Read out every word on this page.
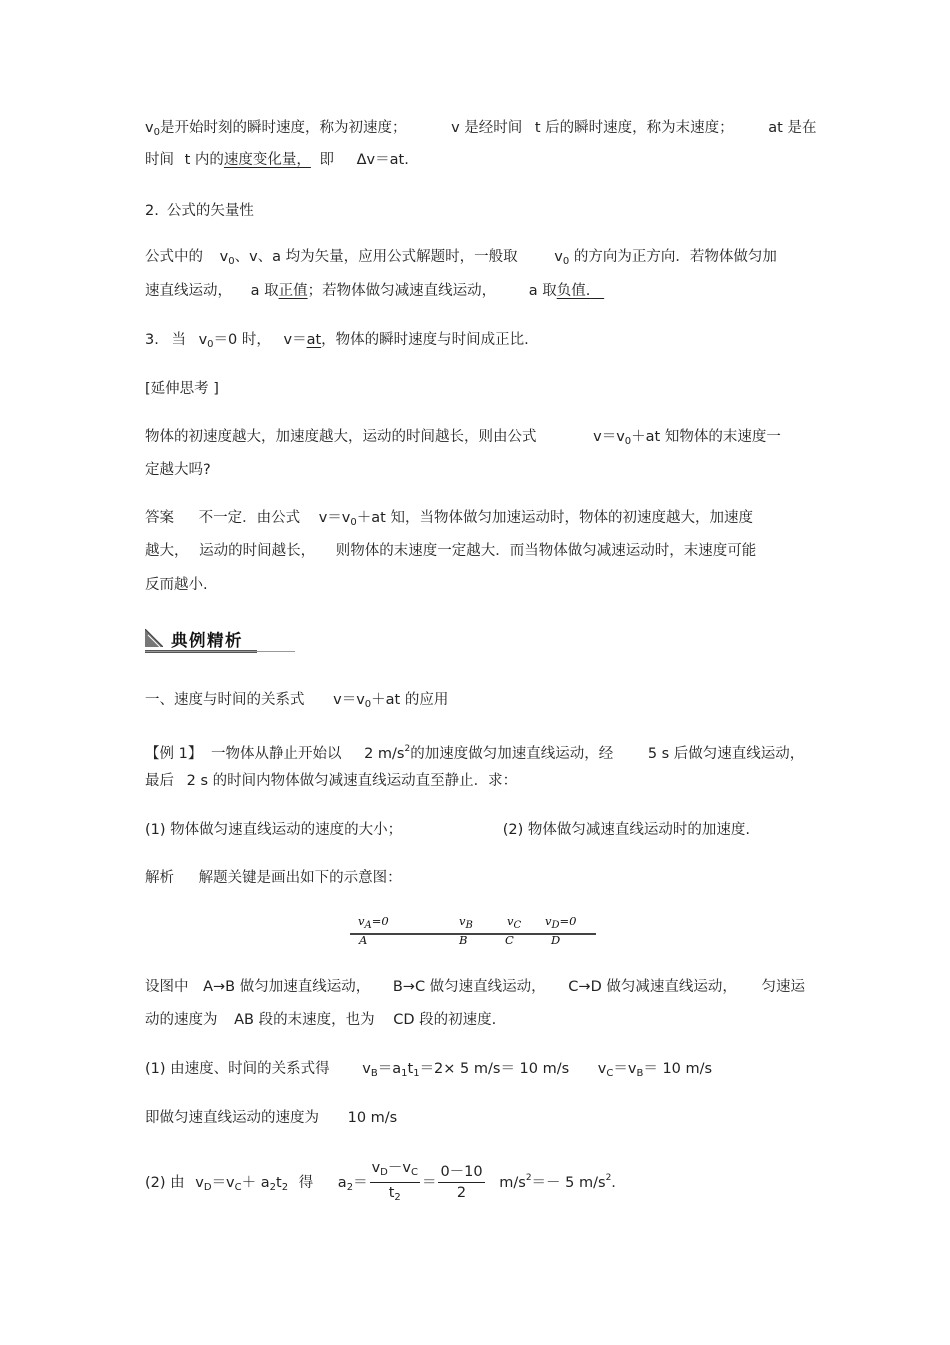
$v_0$是开始时刻的瞬时速度，称为初速度；	v 是经时间 t 后的瞬时速度，称为末速度； at 是在
时间 t 内的速度变化量， 即 Δv＝at.
2. 公式的矢量性
公式中的 $v_0$、v、a 均为矢量，应用公式解题时，一般取	$v_0$ 的方向为正方向．若物体做匀加
速直线运动， a 取正值；若物体做匀减速直线运动， a 取负值.
3. 当 $v_0=0$ 时， v＝at，物体的瞬时速度与时间成正比.
[延伸思考 ]
物体的初速度越大，加速度越大，运动的时间越长，则由公式	$v=v_0+at$ 知物体的末速度一
定越大吗?
答案 不一定．由公式 $v=v_0+at$ 知，当物体做匀加速运动时，物体的初速度越大，加速度
越大， 运动的时间越长， 则物体的末速度一定越大．而当物体做匀减速运动时，末速度可能
反而越小.
典例精析
一、速度与时间的关系式 $v=v_0+at$ 的应用
【例 1】 一物体从静止开始以 2 $m/s^2$的加速度做匀加速直线运动，经 5 s 后做匀速直线运动，
最后 2 s 的时间内物体做匀减速直线运动直至静止．求：
(1) 物体做匀速直线运动的速度的大小；	(2) 物体做匀减速直线运动时的加速度.
解析 解题关键是画出如下的示意图：
$v_A=0$	$v_B$	$v_C$ $v_D=0$
A	B	C	D
设图中 A→B 做匀加速直线运动， B→C 做匀速直线运动， C→D 做匀减速直线运动， 匀速运
动的速度为 AB 段的末速度，也为 CD 段的初速度.
(1) 由速度、时间的关系式得 $v_B=a_1t_1=2\times 5$ m/s＝ 10 m/s $v_C=v_B= 10$ m/s
即做匀速直线运动的速度为 10 m/s
(2) 由 $v_D=v_C+ a_2t_2$ 得 $a_2= \frac{v_D-v_C}{t_2} = \frac{0-10}{2} m/s^2=- 5$ $m/s^2$.
